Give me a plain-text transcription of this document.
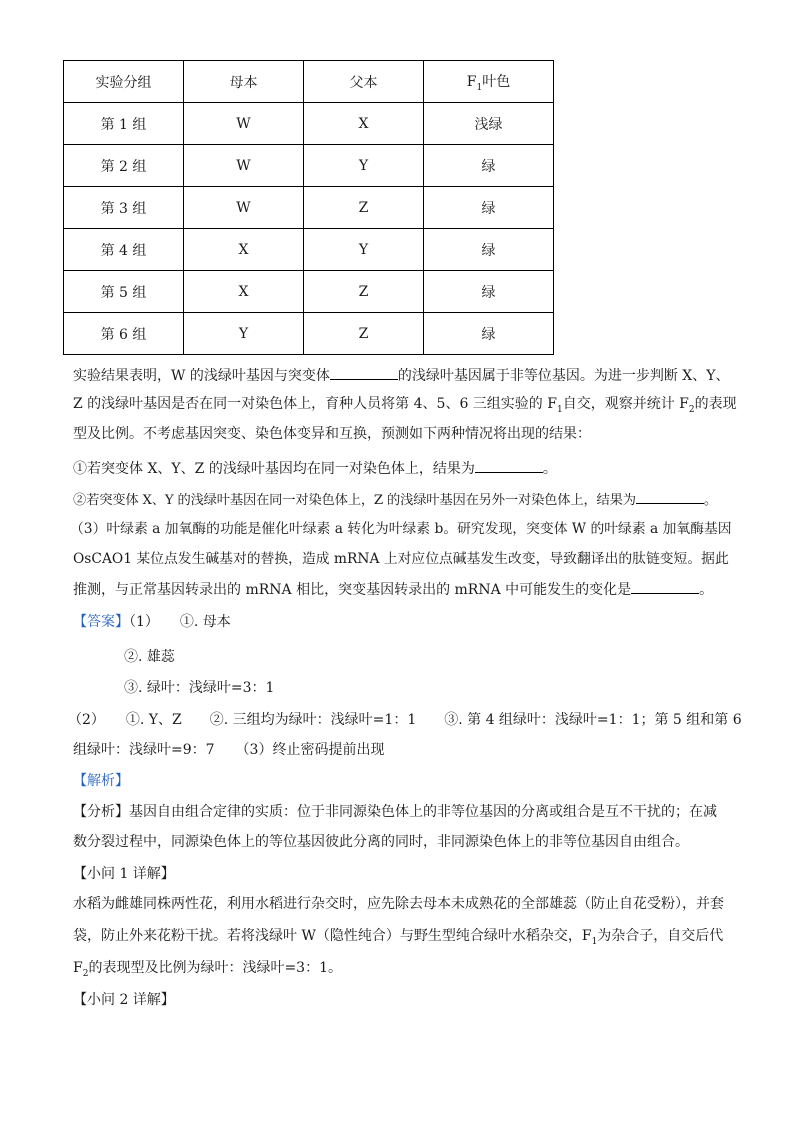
实验分组	母本	父本	$F_1$叶色
第 1 组	W	X	浅绿
第 2 组	W	Y	绿
第 3 组	W	Z	绿
第 4 组	X	Y	绿
第 5 组	X	Z	绿
第 6 组	Y	Z	绿
实验结果表明，W 的浅绿叶基因与突变体	的浅绿叶基因属于非等位基因。为进一步判断 X、Y、
Z 的浅绿叶基因是否在同一对染色体上，育种人员将第 4、5、6 三组实验的 $F_1$自交，观察并统计 $F_2$的表现
型及比例。不考虑基因突变、染色体变异和互换，预测如下两种情况将出现的结果：
①若突变体 X、Y、Z 的浅绿叶基因均在同一对染色体上，结果为	。
②若突变体 X、Y 的浅绿叶基因在同一对染色体上，Z 的浅绿叶基因在另外一对染色体上，结果为	。
（3）叶绿素 a 加氧酶的功能是催化叶绿素 a 转化为叶绿素 b。研究发现，突变体 W 的叶绿素 a 加氧酶基因
OsCAO1 某位点发生碱基对的替换，造成 mRNA 上对应位点碱基发生改变，导致翻译出的肽链变短。据此
推测，与正常基因转录出的 mRNA 相比，突变基因转录出的 mRNA 中可能发生的变化是	。
【答案】（1）　　①. 母本
②. 雄蕊
③. 绿叶：浅绿叶=3：1
（2）　　①. Y、Z　　②. 三组均为绿叶：浅绿叶=1：1　　③. 第 4 组绿叶：浅绿叶=1：1；第 5 组和第 6
组绿叶：浅绿叶=9：7　　（3）终止密码提前出现
【解析】
【分析】基因自由组合定律的实质：位于非同源染色体上的非等位基因的分离或组合是互不干扰的；在减
数分裂过程中，同源染色体上的等位基因彼此分离的同时，非同源染色体上的非等位基因自由组合。
【小问 1 详解】
水稻为雌雄同株两性花，利用水稻进行杂交时，应先除去母本未成熟花的全部雄蕊（防止自花受粉），并套
袋，防止外来花粉干扰。若将浅绿叶 W（隐性纯合）与野生型纯合绿叶水稻杂交，$F_1$为杂合子，自交后代
$F_2$的表现型及比例为绿叶：浅绿叶=3：1。
【小问 2 详解】
